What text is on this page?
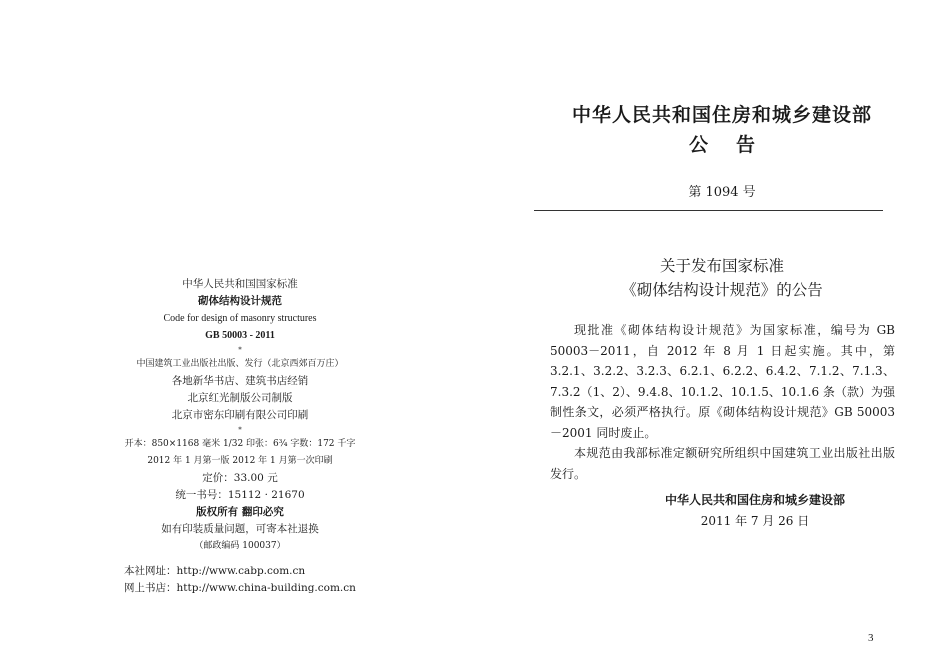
中华人民共和国国家标准
砌体结构设计规范
Code for design of masonry structures
GB 50003 - 2011
*
中国建筑工业出版社出版、发行（北京西郊百万庄）
各地新华书店、建筑书店经销
北京红光制版公司制版
北京市密东印刷有限公司印刷
*
开本：850×1168 毫米 1/32 印张：6¾ 字数：172 千字
2012 年 1 月第一版 2012 年 1 月第一次印刷
定价：33.00 元
统一书号：15112 · 21670
版权所有 翻印必究
如有印装质量问题，可寄本社退换
（邮政编码 100037）
本社网址：http://www.cabp.com.cn
网上书店：http://www.china-building.com.cn
中华人民共和国住房和城乡建设部
公告
第 1094 号
关于发布国家标准
《砌体结构设计规范》的公告

现批准《砌体结构设计规范》为国家标准，编号为 GB 50003－2011，自 2012 年 8 月 1 日起实施。其中，第 3.2.1、3.2.2、3.2.3、6.2.1、6.2.2、6.4.2、7.1.2、7.1.3、7.3.2（1、2）、9.4.8、10.1.2、10.1.5、10.1.6 条（款）为强制性条文，必须严格执行。原《砌体结构设计规范》GB 50003－2001 同时废止。

本规范由我部标准定额研究所组织中国建筑工业出版社出版发行。

中华人民共和国住房和城乡建设部
2011 年 7 月 26 日
3
